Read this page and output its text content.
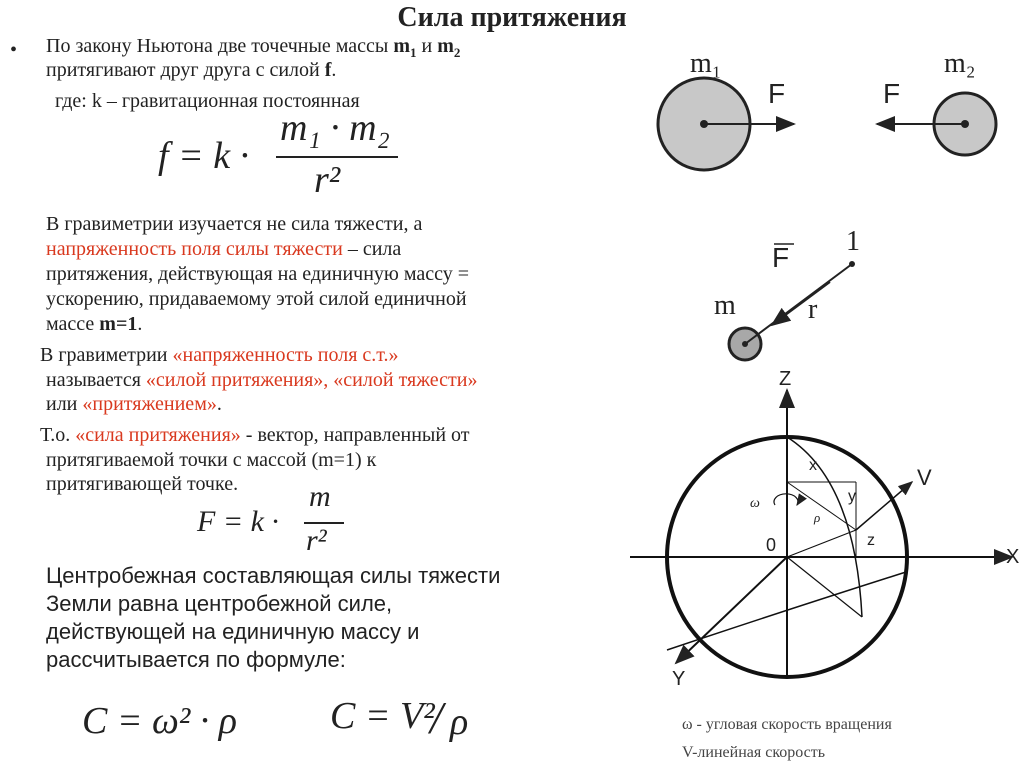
Сила притяжения
• По закону Ньютона две точечные массы $m_1$ и $m_2$
притягивают друг друга с силой f.
где: k – гравитационная постоянная
f = k ·
m₁ · m₂
r²
В гравиметрии изучается не сила тяжести, а
напряженность поля силы тяжести – сила
притяжения, действующая на единичную массу =
ускорению, придаваемому этой силой единичной
массе m=1.
В гравиметрии «напряженность поля с.т.»
называется «силой притяжения», «силой тяжести»
или «притяжением».
Т.о. «сила притяжения» - вектор, направленный от
притягиваемой точки с массой (m=1) к
притягивающей точке.
F = k ·
m
r²
Центробежная составляющая силы тяжести
Земли равна центробежной силе,
действующей на единичную массу и
рассчитывается по формуле:
C = ω² · ρ C = V²
/ ρ
m₁	m₂
F	F
F
1
m	r
Z
X
Y
V
x
y
z
0
ω
ρ
ω - угловая скорость вращения
V-линейная скорость
